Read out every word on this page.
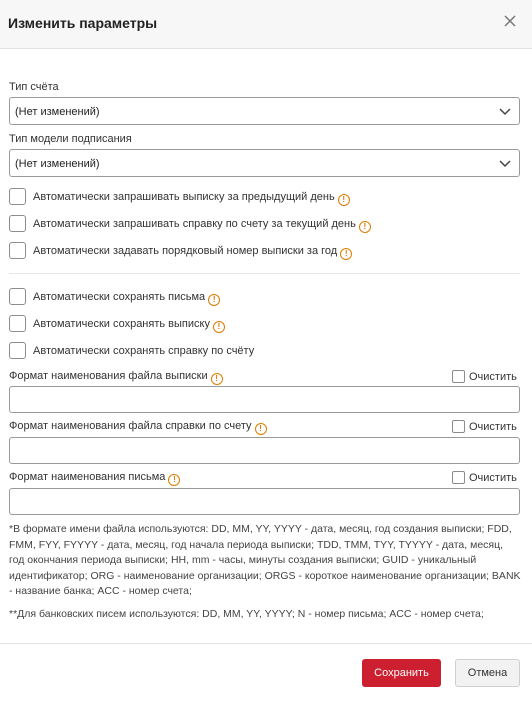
Изменить параметры
Тип счёта
(Нет изменений)
Тип модели подписания
(Нет изменений)
Автоматически запрашивать выписку за предыдущий день !
Автоматически запрашивать справку по счету за текущий день !
Автоматически задавать порядковый номер выписки за год !
Автоматически сохранять письма !
Автоматически сохранять выписку !
Автоматически сохранять справку по счёту
Формат наименования файла выписки !	Очистить
Формат наименования файла справки по счету !	Очистить
Формат наименования письма !	Очистить
*В формате имени файла используются: DD, MM, YY, YYYY - дата, месяц, год создания выписки; FDD, FMM, FYY, FYYYY - дата, месяц, год начала периода выписки; TDD, TMM, TYY, TYYYY - дата, месяц, год окончания периода выписки; HH, mm - часы, минуты создания выписки; GUID - уникальный идентификатор; ORG - наименование организации; ORGS - короткое наименование организации; BANK - название банка; ACC - номер счета;
**Для банковских писем используются: DD, MM, YY, YYYY; N - номер письма; ACC - номер счета;
Сохранить	Отмена
